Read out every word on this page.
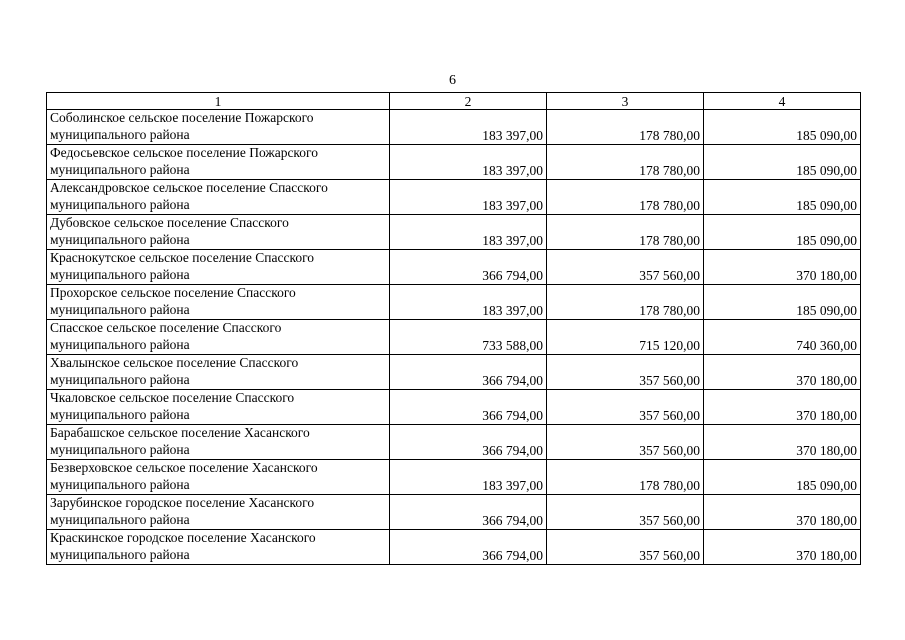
6
1	2	3	4

Соболинское сельское поселение Пожарского
муниципального района	183 397,00	178 780,00	185 090,00

Федосьевское сельское поселение Пожарского
муниципального района	183 397,00	178 780,00	185 090,00

Александровское сельское поселение Спасского
муниципального района	183 397,00	178 780,00	185 090,00

Дубовское сельское поселение Спасского
муниципального района	183 397,00	178 780,00	185 090,00

Краснокутское сельское поселение Спасского
муниципального района	366 794,00	357 560,00	370 180,00

Прохорское сельское поселение Спасского
муниципального района	183 397,00	178 780,00	185 090,00

Спасское сельское поселение Спасского
муниципального района	733 588,00	715 120,00	740 360,00

Хвалынское сельское поселение Спасского
муниципального района	366 794,00	357 560,00	370 180,00

Чкаловское сельское поселение Спасского
муниципального района	366 794,00	357 560,00	370 180,00

Барабашское сельское поселение Хасанского
муниципального района	366 794,00	357 560,00	370 180,00

Безверховское сельское поселение Хасанского
муниципального района	183 397,00	178 780,00	185 090,00

Зарубинское городское поселение Хасанского
муниципального района	366 794,00	357 560,00	370 180,00

Краскинское городское поселение Хасанского
муниципального района	366 794,00	357 560,00	370 180,00
